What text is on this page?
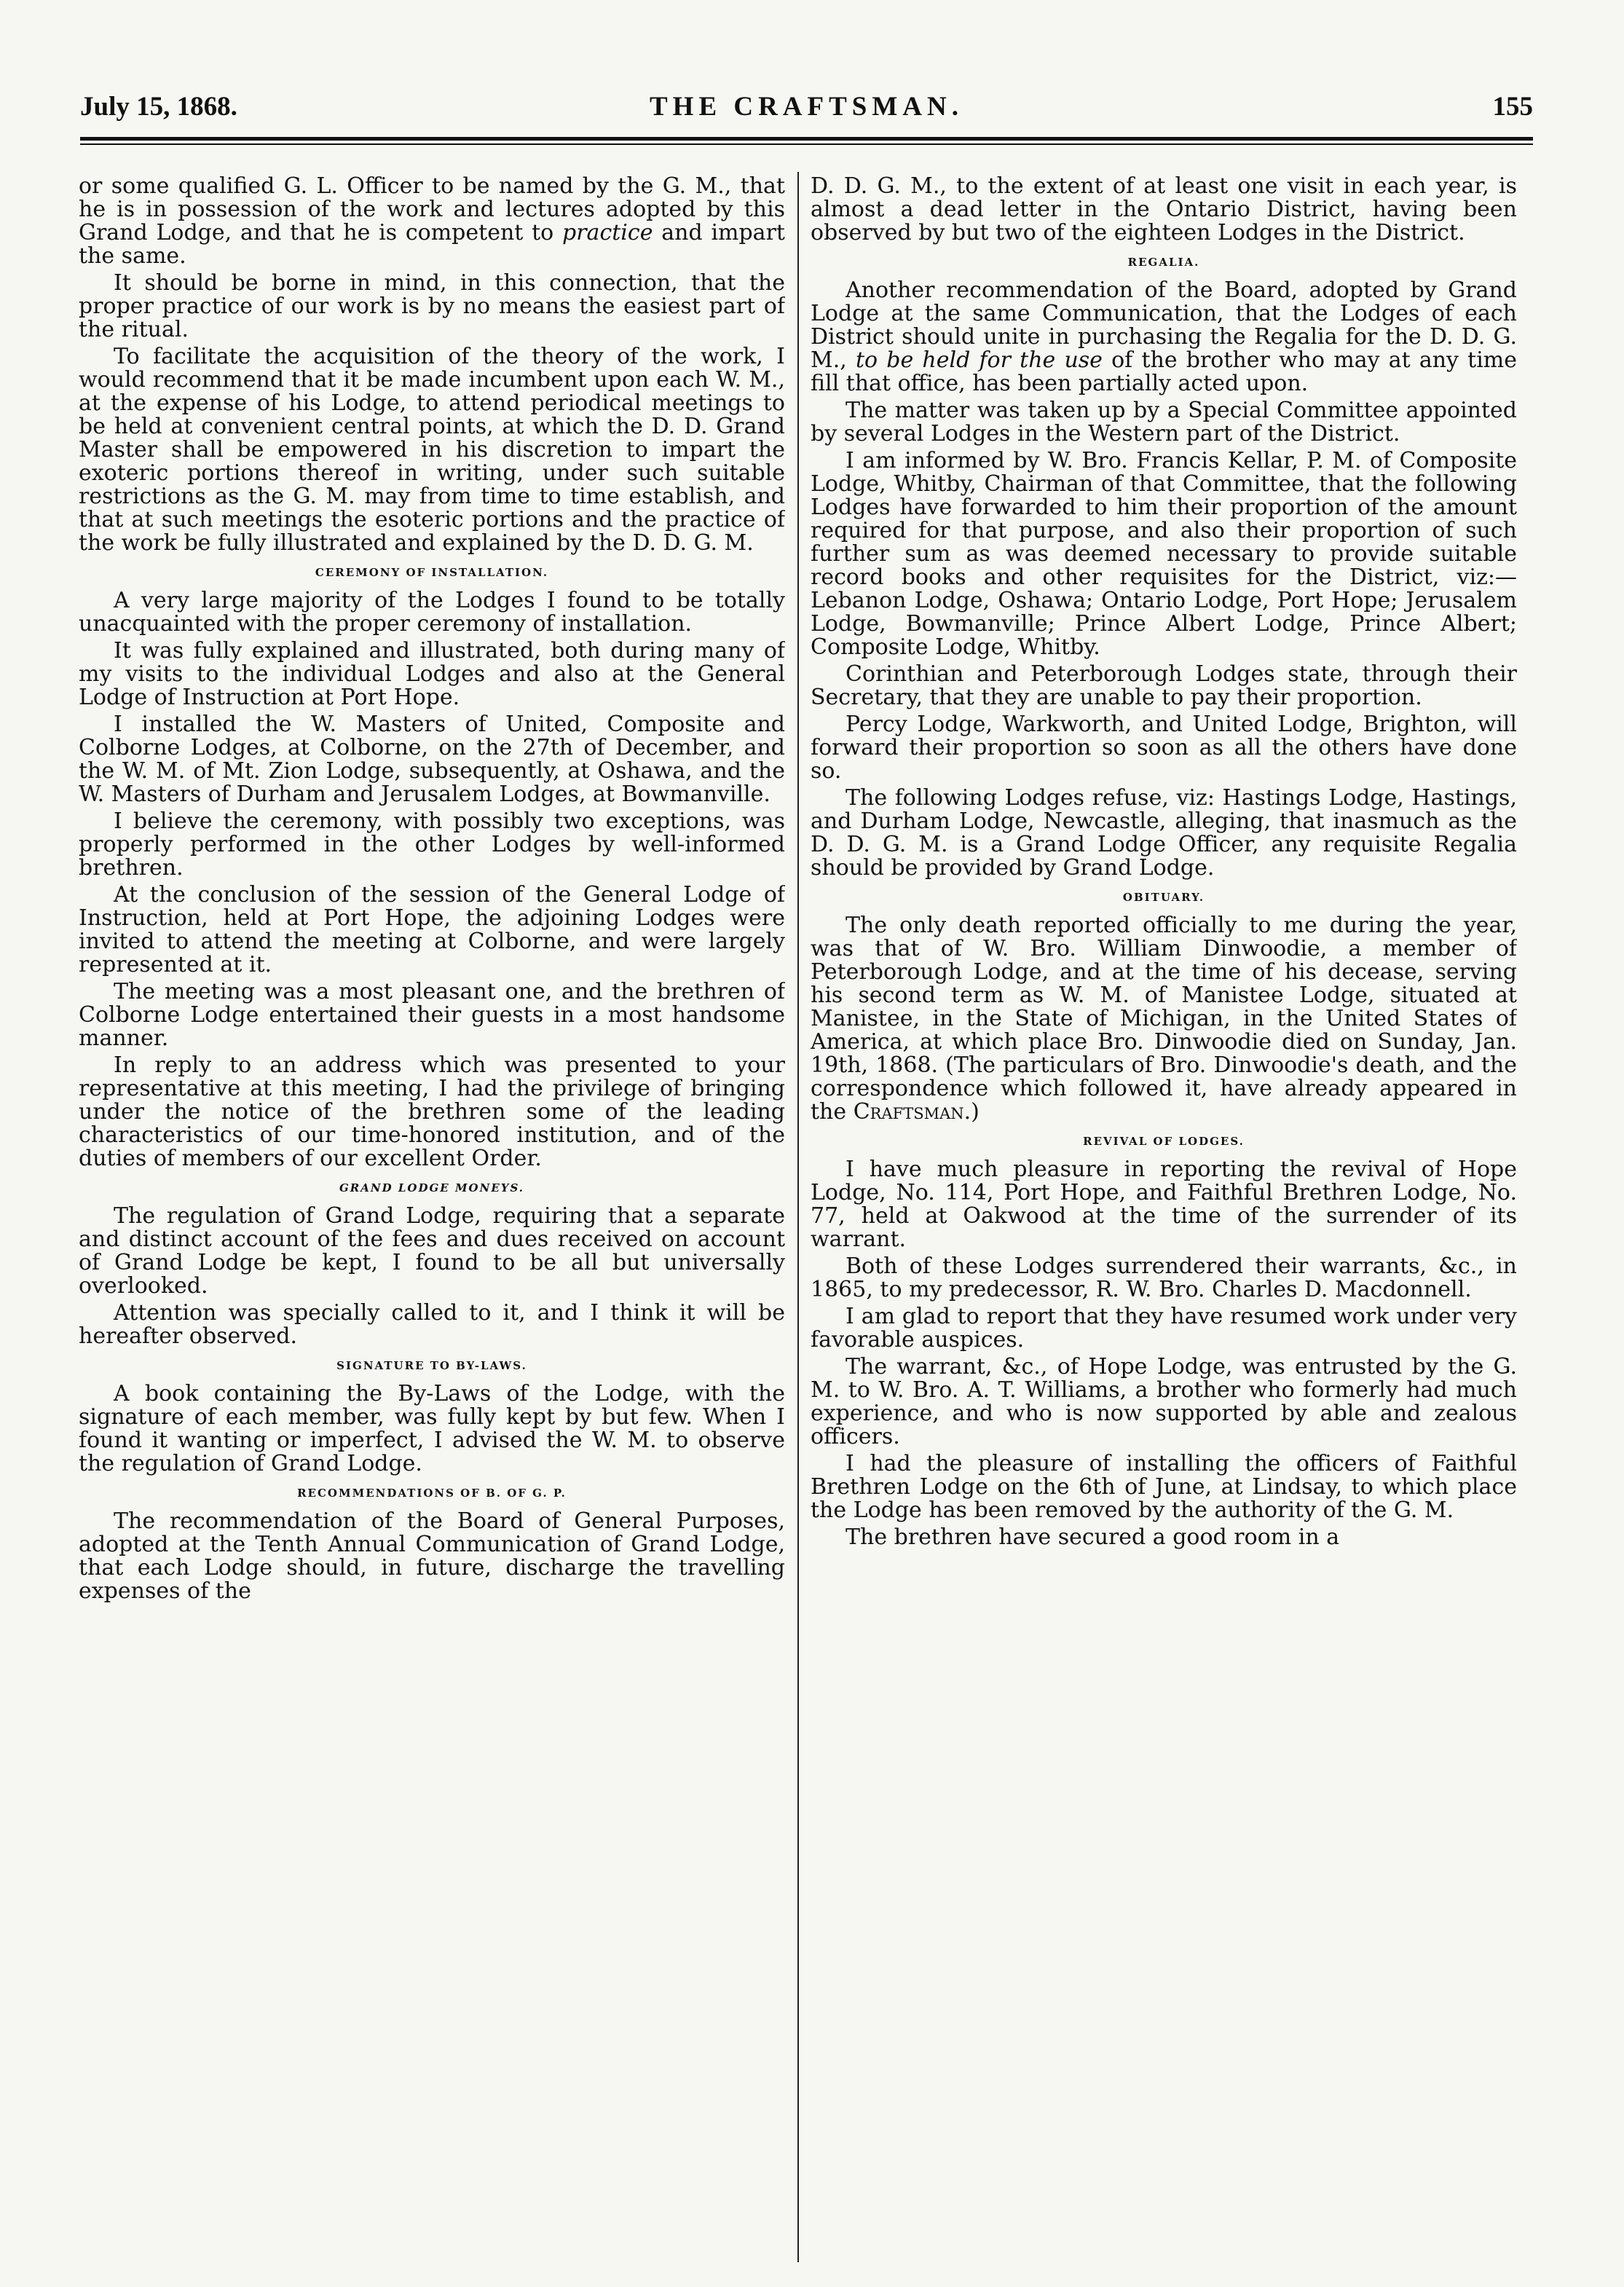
July 15, 1868.	THE CRAFTSMAN.	155

or some qualified G. L. Officer to be named by the G. M., that he is in possession of the work and lectures adopted by this Grand Lodge, and that he is competent to practice and impart the same.

It should be borne in mind, in this connection, that the proper practice of our work is by no means the easiest part of the ritual.

To facilitate the acquisition of the theory of the work, I would recommend that it be made incumbent upon each W. M., at the expense of his Lodge, to attend periodical meetings to be held at convenient central points, at which the D. D. Grand Master shall be empowered in his discretion to impart the exoteric portions thereof in writing, under such suitable restrictions as the G. M. may from time to time establish, and that at such meetings the esoteric portions and the practice of the work be fully illustrated and explained by the D. D. G. M.

CEREMONY OF INSTALLATION.

A very large majority of the Lodges I found to be totally unacquainted with the proper ceremony of installation.

It was fully explained and illustrated, both during many of my visits to the individual Lodges and also at the General Lodge of Instruction at Port Hope.

I installed the W. Masters of United, Composite and Colborne Lodges, at Colborne, on the 27th of December, and the W. M. of Mt. Zion Lodge, subsequently, at Oshawa, and the W. Masters of Durham and Jerusalem Lodges, at Bowmanville.

I believe the ceremony, with possibly two exceptions, was properly performed in the other Lodges by well-informed brethren.

At the conclusion of the session of the General Lodge of Instruction, held at Port Hope, the adjoining Lodges were invited to attend the meeting at Colborne, and were largely represented at it.

The meeting was a most pleasant one, and the brethren of Colborne Lodge entertained their guests in a most handsome manner.

In reply to an address which was presented to your representative at this meeting, I had the privilege of bringing under the notice of the brethren some of the leading characteristics of our time-honored institution, and of the duties of members of our excellent Order.

GRAND LODGE MONEYS.

The regulation of Grand Lodge, requiring that a separate and distinct account of the fees and dues received on account of Grand Lodge be kept, I found to be all but universally overlooked.

Attention was specially called to it, and I think it will be hereafter observed.

SIGNATURE TO BY-LAWS.

A book containing the By-Laws of the Lodge, with the signature of each member, was fully kept by but few. When I found it wanting or imperfect, I advised the W. M. to observe the regulation of Grand Lodge.

RECOMMENDATIONS OF B. OF G. P.

The recommendation of the Board of General Purposes, adopted at the Tenth Annual Communication of Grand Lodge, that each Lodge should, in future, discharge the travelling expenses of the

D. D. G. M., to the extent of at least one visit in each year, is almost a dead letter in the Ontario District, having been observed by but two of the eighteen Lodges in the District.

REGALIA.

Another recommendation of the Board, adopted by Grand Lodge at the same Communication, that the Lodges of each District should unite in purchasing the Regalia for the D. D. G. M., to be held for the use of the brother who may at any time fill that office, has been partially acted upon.

The matter was taken up by a Special Committee appointed by several Lodges in the Western part of the District.

I am informed by W. Bro. Francis Kellar, P. M. of Composite Lodge, Whitby, Chairman of that Committee, that the following Lodges have forwarded to him their proportion of the amount required for that purpose, and also their proportion of such further sum as was deemed necessary to provide suitable record books and other requisites for the District, viz:—Lebanon Lodge, Oshawa; Ontario Lodge, Port Hope; Jerusalem Lodge, Bowmanville; Prince Albert Lodge, Prince Albert; Composite Lodge, Whitby.

Corinthian and Peterborough Lodges state, through their Secretary, that they are unable to pay their proportion.

Percy Lodge, Warkworth, and United Lodge, Brighton, will forward their proportion so soon as all the others have done so.

The following Lodges refuse, viz: Hastings Lodge, Hastings, and Durham Lodge, Newcastle, alleging, that inasmuch as the D. D. G. M. is a Grand Lodge Officer, any requisite Regalia should be provided by Grand Lodge.

OBITUARY.

The only death reported officially to me during the year, was that of W. Bro. William Dinwoodie, a member of Peterborough Lodge, and at the time of his decease, serving his second term as W. M. of Manistee Lodge, situated at Manistee, in the State of Michigan, in the United States of America, at which place Bro. Dinwoodie died on Sunday, Jan. 19th, 1868. (The particulars of Bro. Dinwoodie's death, and the correspondence which followed it, have already appeared in the Craftsman.)

REVIVAL OF LODGES.

I have much pleasure in reporting the revival of Hope Lodge, No. 114, Port Hope, and Faithful Brethren Lodge, No. 77, held at Oakwood at the time of the surrender of its warrant.

Both of these Lodges surrendered their warrants, &c., in 1865, to my predecessor, R. W. Bro. Charles D. Macdonnell.

I am glad to report that they have resumed work under very favorable auspices.

The warrant, &c., of Hope Lodge, was entrusted by the G. M. to W. Bro. A. T. Williams, a brother who formerly had much experience, and who is now supported by able and zealous officers.

I had the pleasure of installing the officers of Faithful Brethren Lodge on the 6th of June, at Lindsay, to which place the Lodge has been removed by the authority of the G. M.

The brethren have secured a good room in a
